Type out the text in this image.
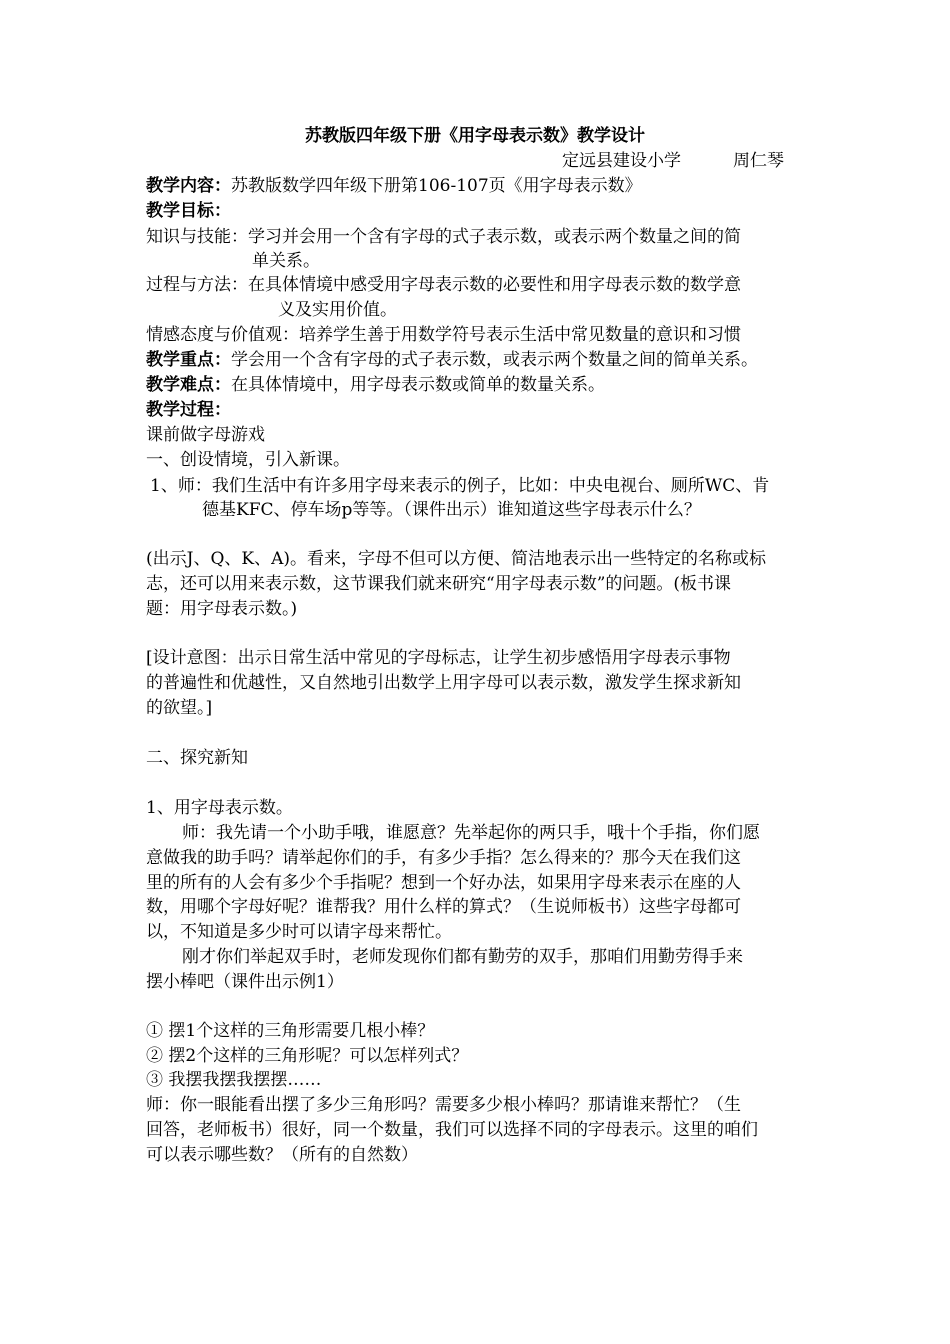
苏教版四年级下册《用字母表示数》教学设计
定远县建设小学	周仁琴
教学内容：苏教版数学四年级下册第106-107页《用字母表示数》
教学目标：
知识与技能：学习并会用一个含有字母的式子表示数，或表示两个数量之间的简
单关系。
过程与方法：在具体情境中感受用字母表示数的必要性和用字母表示数的数学意
义及实用价值。
情感态度与价值观：培养学生善于用数学符号表示生活中常见数量的意识和习惯
教学重点：学会用一个含有字母的式子表示数，或表示两个数量之间的简单关系。
教学难点：在具体情境中，用字母表示数或简单的数量关系。
教学过程：
课前做字母游戏
一、创设情境，引入新课。
1、师：我们生活中有许多用字母来表示的例子，比如：中央电视台、厕所WC、肯
德基KFC、停车场p等等。（课件出示）谁知道这些字母表示什么？
(出示J、Q、K、A)。看来，字母不但可以方便、简洁地表示出一些特定的名称或标
志，还可以用来表示数，这节课我们就来研究“用字母表示数”的问题。(板书课
题：用字母表示数。)
[设计意图：出示日常生活中常见的字母标志，让学生初步感悟用字母表示事物
的普遍性和优越性，又自然地引出数学上用字母可以表示数，激发学生探求新知
的欲望。]
二、探究新知
1、用字母表示数。
师：我先请一个小助手哦，谁愿意？先举起你的两只手，哦十个手指，你们愿
意做我的助手吗？请举起你们的手，有多少手指？怎么得来的？那今天在我们这
里的所有的人会有多少个手指呢？想到一个好办法，如果用字母来表示在座的人
数，用哪个字母好呢？谁帮我？用什么样的算式？（生说师板书）这些字母都可
以，不知道是多少时可以请字母来帮忙。
刚才你们举起双手时，老师发现你们都有勤劳的双手，那咱们用勤劳得手来
摆小棒吧（课件出示例1）
① 摆1个这样的三角形需要几根小棒？
② 摆2个这样的三角形呢？可以怎样列式？
③ 我摆我摆我摆摆……
师：你一眼能看出摆了多少三角形吗？需要多少根小棒吗？那请谁来帮忙？（生
回答，老师板书）很好，同一个数量，我们可以选择不同的字母表示。这里的咱们
可以表示哪些数？（所有的自然数）
